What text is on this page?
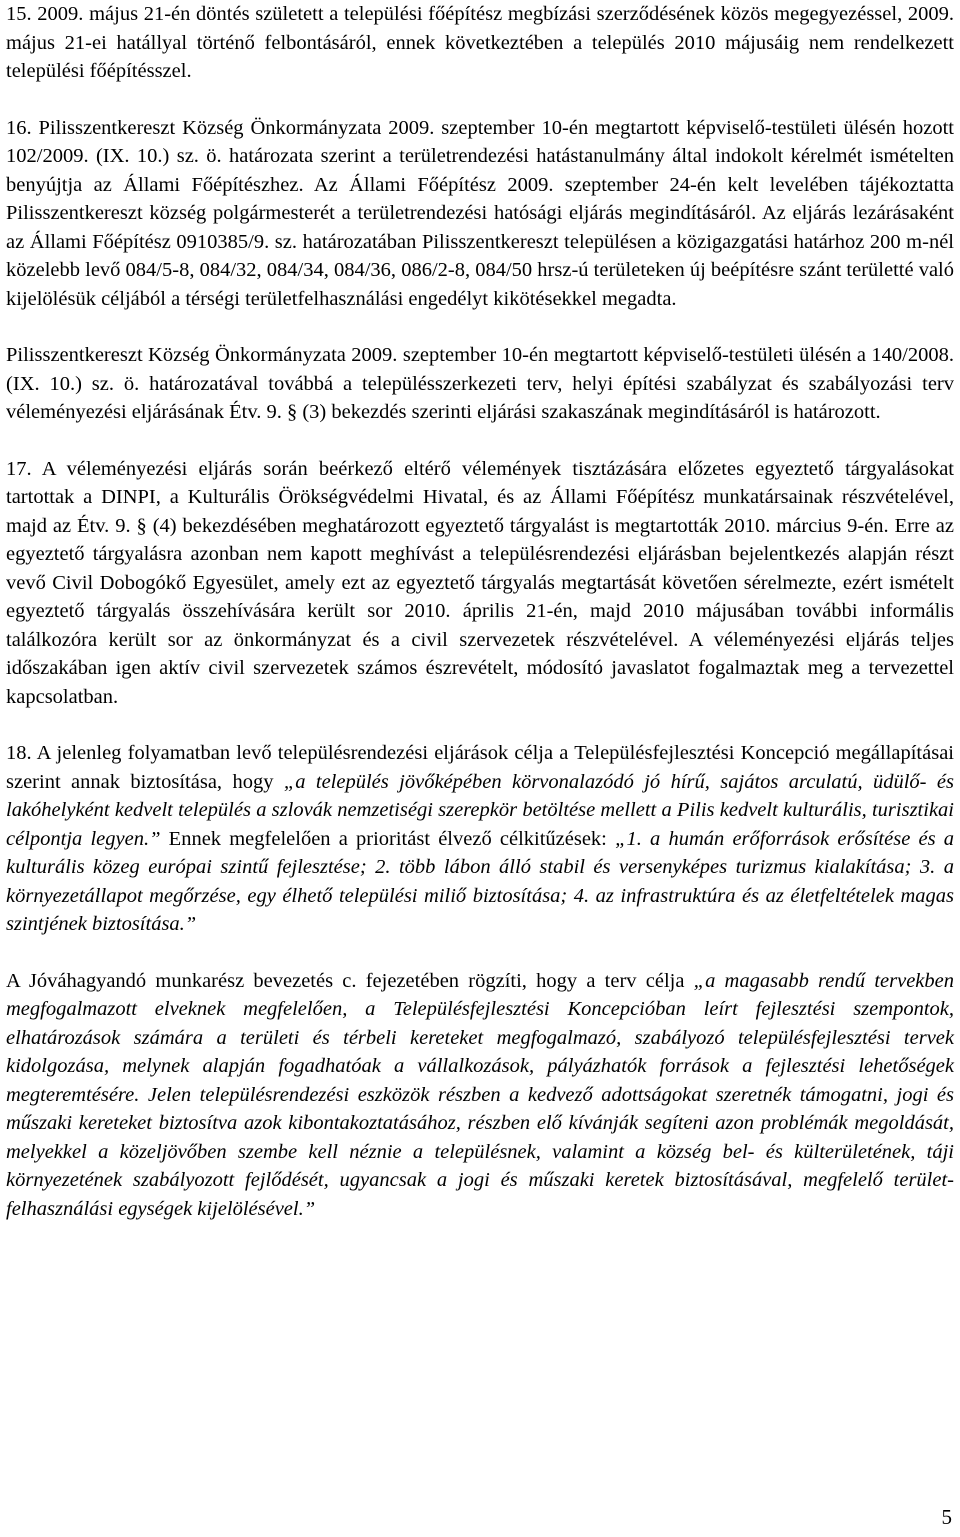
15. 2009. május 21-én döntés született a települési főépítész megbízási szerződésének közös megegyezéssel, 2009. május 21-ei hatállyal történő felbontásáról, ennek következtében a település 2010 májusáig nem rendelkezett települési főépítésszel.

16. Pilisszentkereszt Község Önkormányzata 2009. szeptember 10-én megtartott képviselő-testületi ülésén hozott 102/2009. (IX. 10.) sz. ö. határozata szerint a területrendezési hatástanulmány által indokolt kérelmét ismételten benyújtja az Állami Főépítészhez. Az Állami Főépítész 2009. szeptember 24-én kelt levelében tájékoztatta Pilisszentkereszt község polgármesterét a területrendezési hatósági eljárás megindításáról. Az eljárás lezárásaként az Állami Főépítész 0910385/9. sz. határozatában Pilisszentkereszt településen a közigazgatási határhoz 200 m-nél közelebb levő 084/5-8, 084/32, 084/34, 084/36, 086/2-8, 084/50 hrsz-ú területeken új beépítésre szánt területté való kijelölésük céljából a térségi területfelhasználási engedélyt kikötésekkel megadta.

Pilisszentkereszt Község Önkormányzata 2009. szeptember 10-én megtartott képviselő-testületi ülésén a 140/2008. (IX. 10.) sz. ö. határozatával továbbá a településszerkezeti terv, helyi építési szabályzat és szabályozási terv véleményezési eljárásának Étv. 9. § (3) bekezdés szerinti eljárási szakaszának megindításáról is határozott.

17. A véleményezési eljárás során beérkező eltérő vélemények tisztázására előzetes egyeztető tárgyalásokat tartottak a DINPI, a Kulturális Örökségvédelmi Hivatal, és az Állami Főépítész munkatársainak részvételével, majd az Étv. 9. § (4) bekezdésében meghatározott egyeztető tárgyalást is megtartották 2010. március 9-én. Erre az egyeztető tárgyalásra azonban nem kapott meghívást a településrendezési eljárásban bejelentkezés alapján részt vevő Civil Dobogókő Egyesület, amely ezt az egyeztető tárgyalás megtartását követően sérelmezte, ezért ismételt egyeztető tárgyalás összehívására került sor 2010. április 21-én, majd 2010 májusában további informális találkozóra került sor az önkormányzat és a civil szervezetek részvételével. A véleményezési eljárás teljes időszakában igen aktív civil szervezetek számos észrevételt, módosító javaslatot fogalmaztak meg a tervezettel kapcsolatban.

18. A jelenleg folyamatban levő településrendezési eljárások célja a Településfejlesztési Koncepció megállapításai szerint annak biztosítása, hogy „a település jövőképében körvonalazódó jó hírű, sajátos arculatú, üdülő- és lakóhelyként kedvelt település a szlovák nemzetiségi szerepkör betöltése mellett a Pilis kedvelt kulturális, turisztikai célpontja legyen.” Ennek megfelelően a prioritást élvező célkitűzések: „1. a humán erőforrások erősítése és a kulturális közeg európai szintű fejlesztése; 2. több lábon álló stabil és versenyképes turizmus kialakítása; 3. a környezetállapot megőrzése, egy élhető települési miliő biztosítása; 4. az infrastruktúra és az életfeltételek magas szintjének biztosítása.”

A Jóváhagyandó munkarész bevezetés c. fejezetében rögzíti, hogy a terv célja „a magasabb rendű tervekben megfogalmazott elveknek megfelelően, a Településfejlesztési Koncepcióban leírt fejlesztési szempontok, elhatározások számára a területi és térbeli kereteket megfogalmazó, szabályozó településfejlesztési tervek kidolgozása, melynek alapján fogadhatóak a vállalkozások, pályázhatók források a fejlesztési lehetőségek megteremtésére. Jelen településrendezési eszközök részben a kedvező adottságokat szeretnék támogatni, jogi és műszaki kereteket biztosítva azok kibontakoztatásához, részben elő kívánják segíteni azon problémák megoldását, melyekkel a közeljövőben szembe kell néznie a településnek, valamint a község bel- és külterületének, táji környezetének szabályozott fejlődését, ugyancsak a jogi és műszaki keretek biztosításával, megfelelő terület-felhasználási egységek kijelölésével.”

5
